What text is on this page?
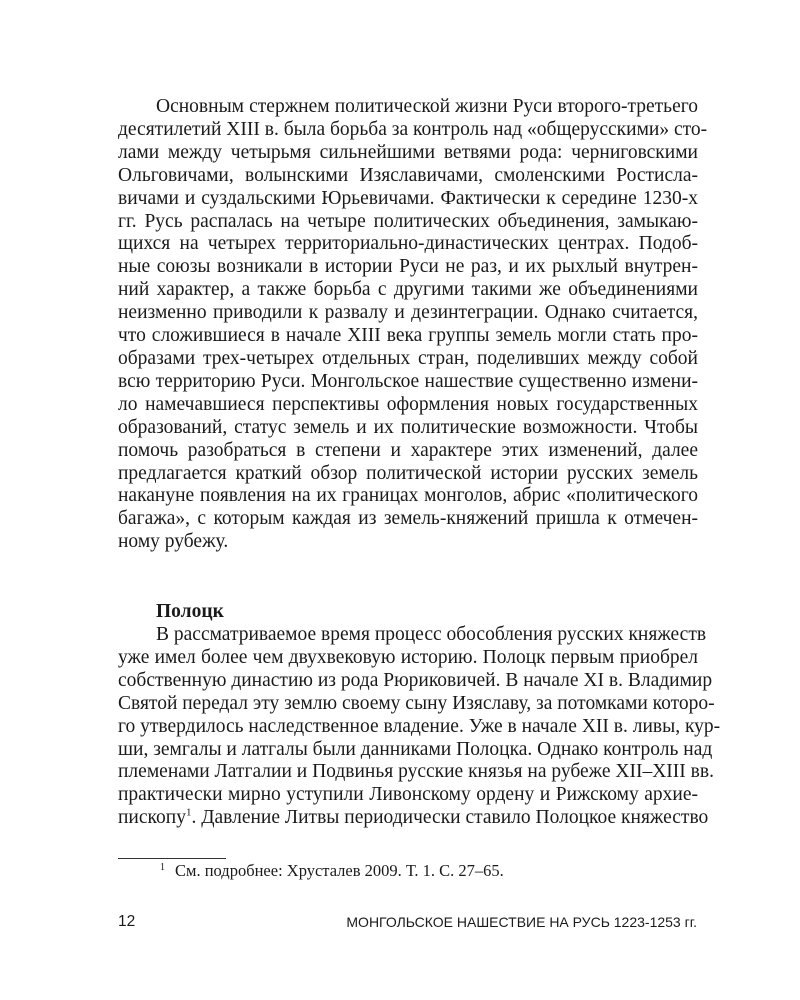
Основным стержнем политической жизни Руси второго-третьего
десятилетий XIII в. была борьба за контроль над «общерусскими» сто-
лами между четырьмя сильнейшими ветвями рода: черниговскими
Ольговичами, волынскими Изяславичами, смоленскими Ростисла-
вичами и суздальскими Юрьевичами. Фактически к середине 1230-х
гг. Русь распалась на четыре политических объединения, замыкаю-
щихся на четырех территориально-династических центрах. Подоб-
ные союзы возникали в истории Руси не раз, и их рыхлый внутрен-
ний характер, а также борьба с другими такими же объединениями
неизменно приводили к развалу и дезинтеграции. Однако считается,
что сложившиеся в начале XIII века группы земель могли стать про-
образами трех-четырех отдельных стран, поделивших между собой
всю территорию Руси. Монгольское нашествие существенно измени-
ло намечавшиеся перспективы оформления новых государственных
образований, статус земель и их политические возможности. Чтобы
помочь разобраться в степени и характере этих изменений, далее
предлагается краткий обзор политической истории русских земель
накануне появления на их границах монголов, абрис «политического
багажа», с которым каждая из земель-княжений пришла к отмечен-
ному рубежу.
Полоцк
В рассматриваемое время процесс обособления русских княжеств
уже имел более чем двухвековую историю. Полоцк первым приобрел
собственную династию из рода Рюриковичей. В начале XI в. Владимир
Святой передал эту землю своему сыну Изяславу, за потомками которо-
го утвердилось наследственное владение. Уже в начале XII в. ливы, кур-
ши, земгалы и латгалы были данниками Полоцка. Однако контроль над
племенами Латгалии и Подвинья русские князья на рубеже XII–XIII вв.
практически мирно уступили Ливонскому ордену и Рижскому архие-
пископу$^1$. Давление Литвы периодически ставило Полоцкое княжество
$^1$ См. подробнее: Хрусталев 2009. Т. 1. С. 27–65.
12	МОНГОЛЬСКОЕ НАШЕСТВИЕ НА РУСЬ 1223-1253 гг.
